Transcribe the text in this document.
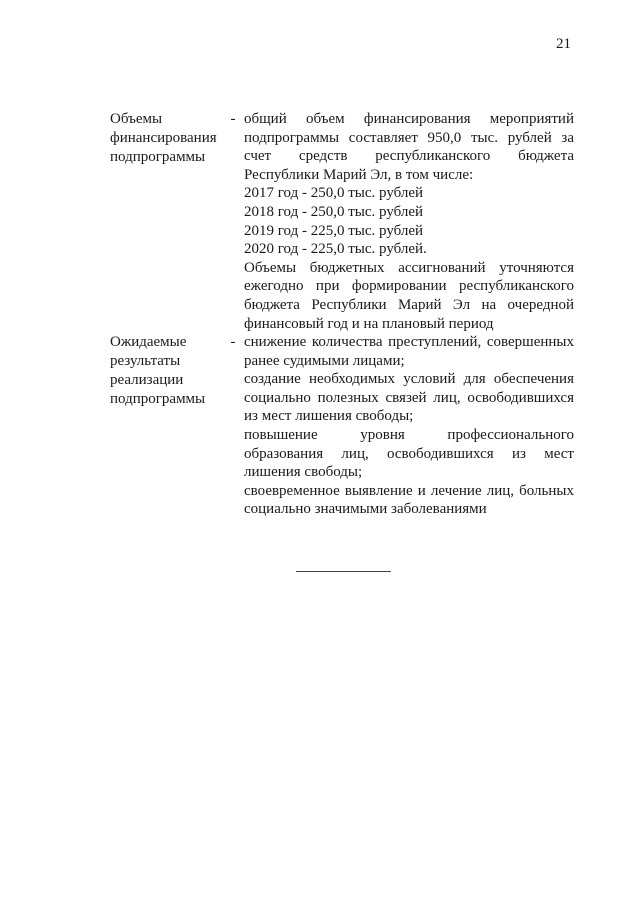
21
Объемы
финансирования
подпрограммы
- общий объем финансирования мероприятий

подпрограммы составляет 950,0 тыс. рублей за

счет средств республиканского бюджета

Республики Марий Эл, в том числе:

2017 год - 250,0 тыс. рублей

2018 год - 250,0 тыс. рублей

2019 год - 225,0 тыс. рублей

2020 год - 225,0 тыс. рублей.

Объемы бюджетных ассигнований уточняются

ежегодно при формировании республиканского

бюджета Республики Марий Эл на очередной

финансовый год и на плановый период

Ожидаемые
результаты
реализации
подпрограммы
- снижение количества преступлений, совершенных

ранее судимыми лицами;

создание необходимых условий для обеспечения

социально полезных связей лиц, освободившихся

из мест лишения свободы;

повышение уровня профессионального

образования лиц, освободившихся из мест

лишения свободы;

своевременное выявление и лечение лиц, больных

социально значимыми заболеваниями
